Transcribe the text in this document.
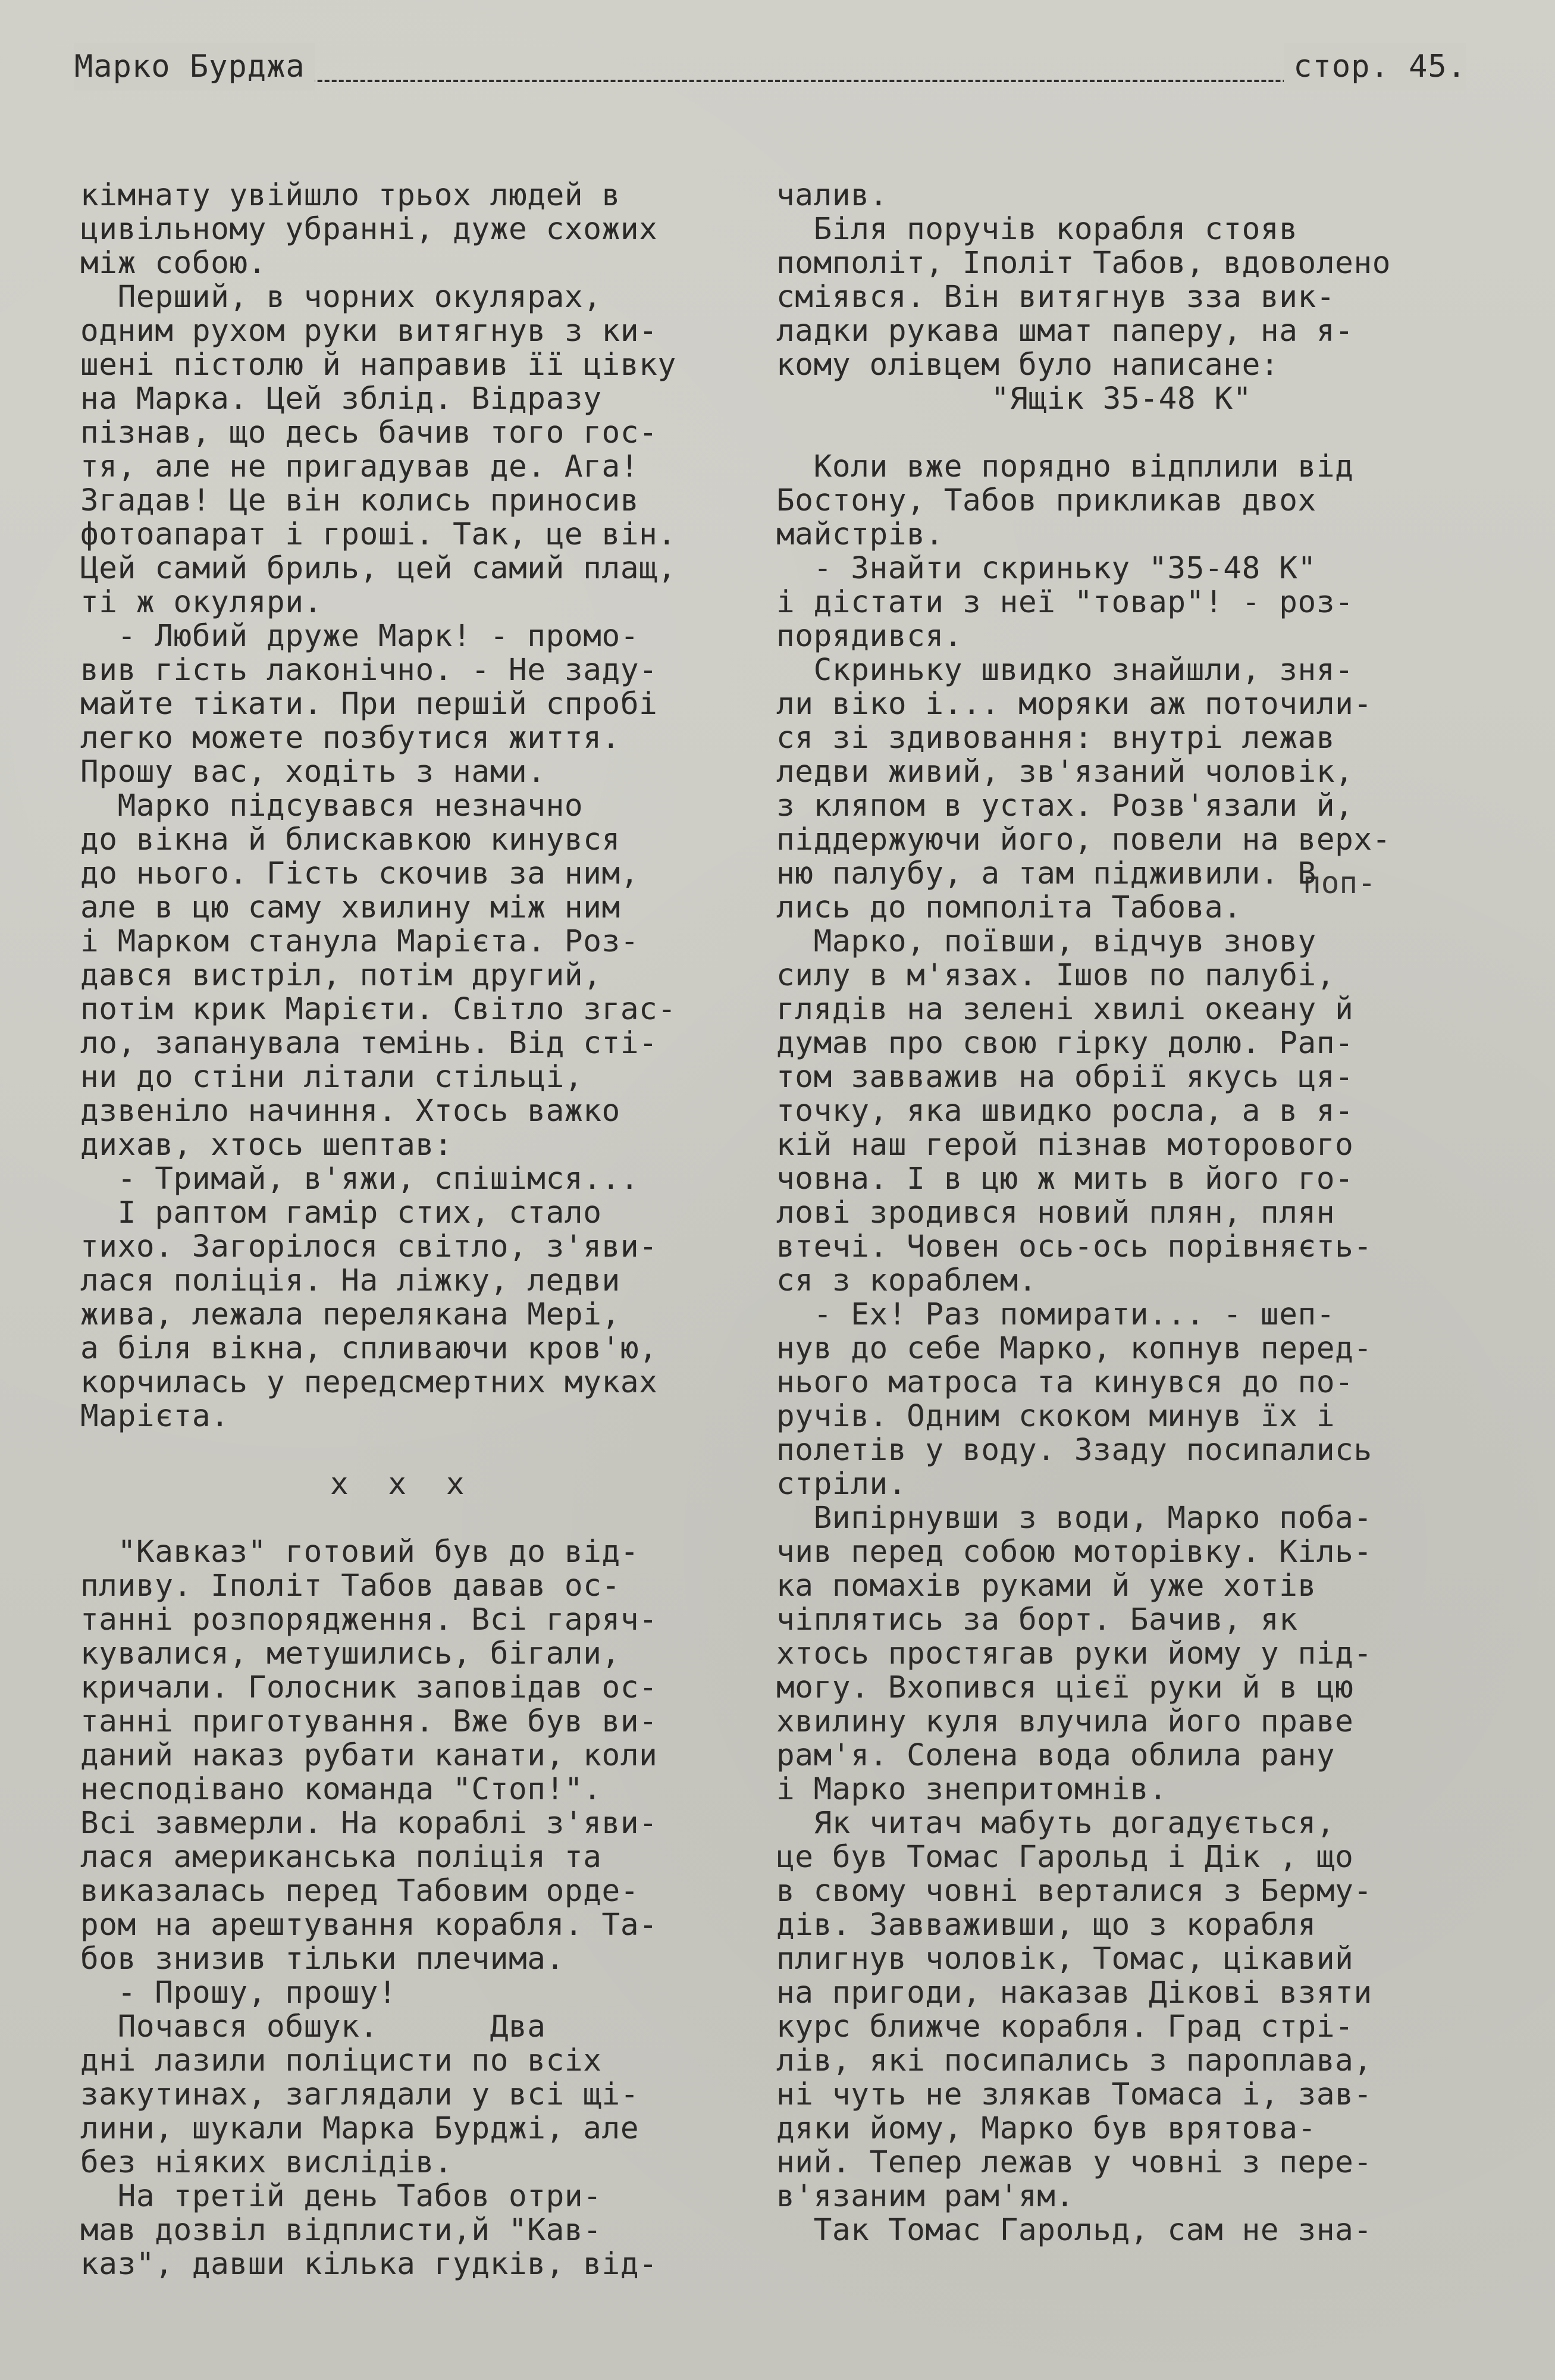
Марко Бурджа	стор. 45.

кімнату увійшло трьох людей в
цивільному убранні, дуже схожих
між собою.

Перший, в чорних окулярах,
одним рухом руки витягнув з ки-
шені пістолю й направив її цівку
на Марка. Цей зблід. Відразу
пізнав, що десь бачив того гос-
тя, але не пригадував де. Ага!
Згадав! Це він колись приносив
фотоапарат і гроші. Так, це він.
Цей самий бриль, цей самий плащ,
ті ж окуляри.

- Любий друже Марк! - промо-
вив гість лаконічно. - Не заду-
майте тікати. При першій спробі
легко можете позбутися життя.
Прошу вас, ходіть з нами.

Марко підсувався незначно
до вікна й блискавкою кинувся
до нього. Гість скочив за ним,
але в цю саму хвилину між ним
і Марком станула Марієта. Роз-
дався вистріл, потім другий,
потім крик Марієти. Світло згас-
ло, запанувала темінь. Від сті-
ни до стіни літали стільці,
дзвеніло начиння. Хтось важко
дихав, хтось шептав:

- Тримай, в'яжи, спішімся...

І раптом гамір стих, стало
тихо. Загорілося світло, з'яви-
лася поліція. На ліжку, ледви
жива, лежала переляканa Мері,
а біля вікна, спливаючи кров'ю,
корчилась у передсмертних муках
Марієта.

x x x

"Кавказ" готовий був до від-
пливу. Іполіт Табов давав ос-
танні розпорядження. Всі гаряч-
кувалися, метушились, бігали,
кричали. Голосник заповідав ос-
танні приготування. Вже був ви-
даний наказ рубати канати, коли
несподівано команда "Стоп!".
Всі завмерли. На кораблі з'яви-
лася американська поліція та
виказалась перед Табовим орде-
ром на арештування корабля. Та-
бов знизив тільки плечима.

- Прошу, прошу!

Почався обшук.      Два
дні лазили поліцисти по всіх
закутинах, заглядали у всі щі-
лини, шукали Марка Бурджі, але
без ніяких вислідів.

На третій день Табов отри-
мав дозвіл відплисти,й "Кав-
каз", давши кілька гудків, від-

чалив.

Біля поручів корабля стояв
помполіт, Іполіт Табов, вдоволено
сміявся. Він витягнув зза вик-
ладки рукава шмат паперу, на я-
кому олівцем було написане:

"Ящік 35-48 К"

Коли вже порядно відплили від
Бостону, Табов прикликав двох
майстрів.

- Знайти скриньку "35-48 К"
і дістати з неї "товар"! - роз-
порядився.

Скриньку швидко знайшли, зня-
ли віко і... моряки аж поточили-
ся зі здивовання: внутрі лежав
ледви живий, зв'язаний чоловік,
з кляпом в устах. Розв'язали й,
піддержуючи його, повели на верх-
ню палубу, а там підживили. В
лись до помполіта Табова.

Марко, поївши, відчув знову
силу в м'язах. Ішов по палубі,
глядів на зелені хвилі океану й
думав про свою гірку долю. Рап-
том завважив на обрії якусь ця-
точку, яка швидко росла, а в я-
кій наш герой пізнав моторового
човна. І в цю ж мить в його го-
лові зродився новий плян, плян
втечі. Човен ось-ось порівняєть-
ся з кораблем.

- Ех! Раз помирати... - шеп-
нув до себе Марко, копнув перед-
нього матроса та кинувся до по-
ручів. Одним скоком минув їх і
полетів у воду. Ззаду посипались
стріли.

Випірнувши з води, Марко поба-
чив перед собою моторівку. Кіль-
ка помахів руками й уже хотів
чіплятись за борт. Бачив, як
хтось простягав руки йому у під-
могу. Вхопився цієї руки й в цю
хвилину куля влучила його праве
рам'я. Солена вода облила рану
і Марко знепритомнів.

Як читач мабуть догадується,
це був Томас Гарольд і Дік , що
в свому човні верталися з Берму-
дів. Завваживши, що з корабля
плигнув чоловік, Томас, цікавий
на пригоди, наказав Дікові взяти
курс ближче корабля. Град стрі-
лів, які посипались з пароплава,
ні чуть не злякав Томаса і, зав-
дяки йому, Марко був врятова-
ний. Тепер лежав у човні з пере-
в'язаним рам'ям.

Так Томас Гарольд, сам не зна-

поп-
